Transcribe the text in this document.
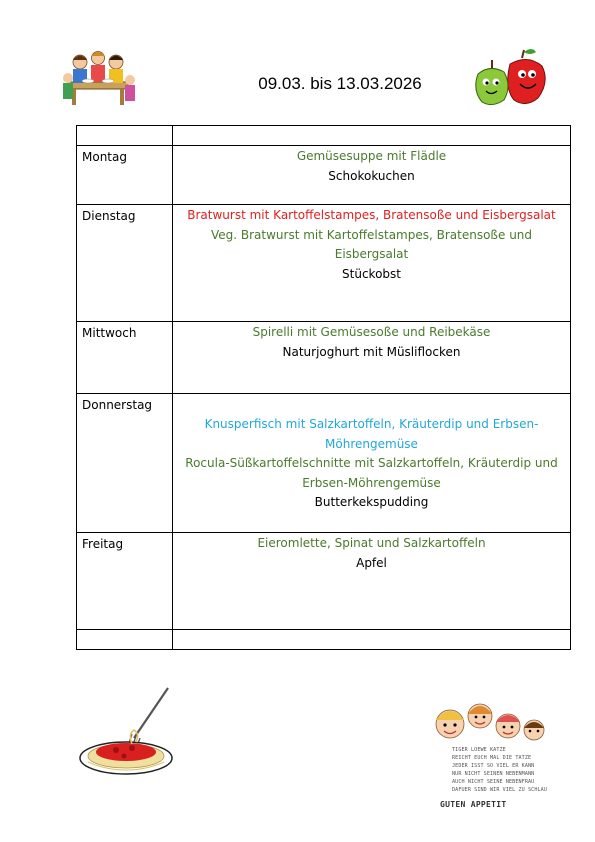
09.03. bis 13.03.2026

Montag	Gemüsesuppe mit Flädle
Schokokuchen

Dienstag	Bratwurst mit Kartoffelstampes, Bratensoße und Eisbergsalat
Veg. Bratwurst mit Kartoffelstampes, Bratensoße und Eisbergsalat
Stückobst

Mittwoch	Spirelli mit Gemüsesoße und Reibekäse
Naturjoghurt mit Müsliflocken

Donnerstag	Knusperfisch mit Salzkartoffeln, Kräuterdip und Erbsen-Möhrengemüse
Rocula-Süßkartoffelschnitte mit Salzkartoffeln, Kräuterdip und Erbsen-Möhrengemüse
Butterkekspudding

Freitag	Eieromlette, Spinat und Salzkartoffeln
Apfel

TIGER LOEWE KATZE
REICHT EUCH MAL DIE TATZE
JEDER ISST SO VIEL ER KANN
NUR NICHT SEINEN NEBENMANN
AUCH NICHT SEINE NEBENFRAU
DAFUER SIND WIR VIEL ZU SCHLAU
GUTEN APPETIT
